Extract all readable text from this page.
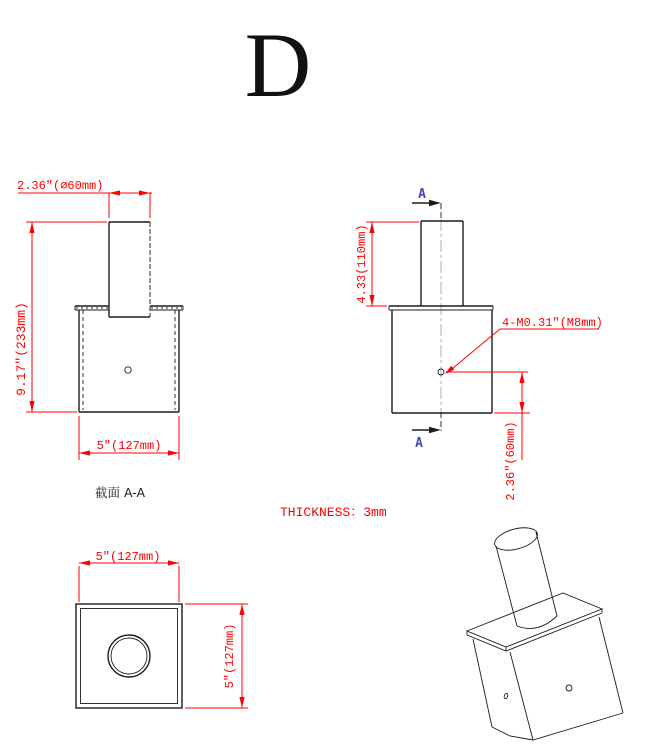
D
2.36"(∅60mm)
9.17"(233mm)
5"(127mm)
截面 A-A
A
A
4.33(110mm)
4-M0.31"(M8mm)
2.36"(60mm)
THICKNESS：3mm
5"(127mm)
5"(127mm)
